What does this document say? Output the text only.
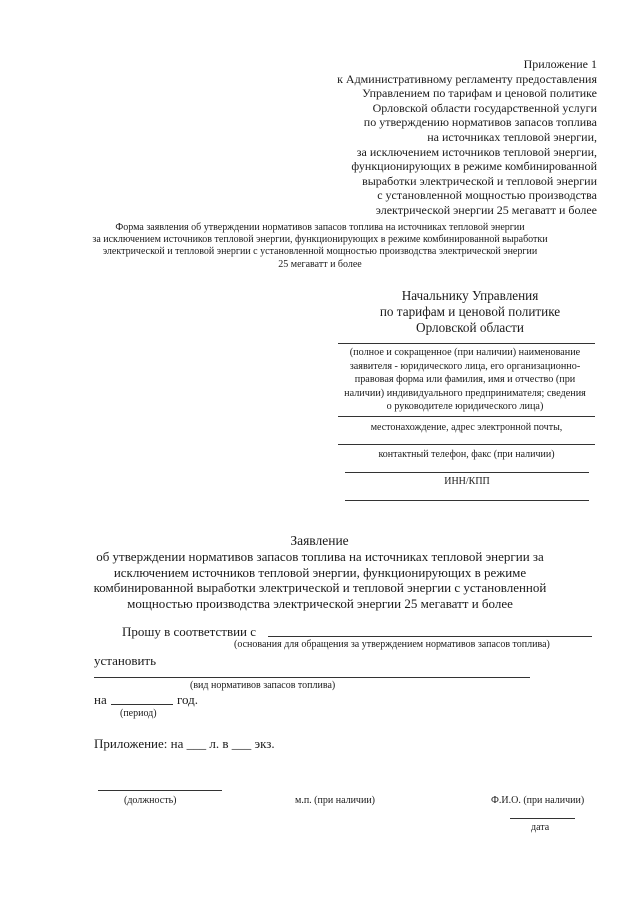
Приложение 1
к Административному регламенту предоставления
Управлением по тарифам и ценовой политике
Орловской области государственной услуги
по утверждению нормативов запасов топлива
на источниках тепловой энергии,
за исключением источников тепловой энергии,
функционирующих в режиме комбинированной
выработки электрической и тепловой энергии
с установленной мощностью производства
электрической энергии 25 мегаватт и более
Форма заявления об утверждении нормативов запасов топлива на источниках тепловой энергии
за исключением источников тепловой энергии, функционирующих в режиме комбинированной выработки
электрической и тепловой энергии с установленной мощностью производства электрической энергии
25 мегаватт и более
Начальнику Управления
по тарифам и ценовой политике
Орловской области
(полное и сокращенное (при наличии) наименование
заявителя - юридического лица, его организационно-
правовая форма или фамилия, имя и отчество (при
наличии) индивидуального предпринимателя; сведения
о руководителе юридического лица)
местонахождение, адрес электронной почты,
контактный телефон, факс (при наличии)
ИНН/КПП
Заявление
об утверждении нормативов запасов топлива на источниках тепловой энергии за
исключением источников тепловой энергии, функционирующих в режиме
комбинированной выработки электрической и тепловой энергии с установленной
мощностью производства электрической энергии 25 мегаватт и более
Прошу в соответствии с
(основания для обращения за утверждением нормативов запасов топлива)
установить
(вид нормативов запасов топлива)
на	год.
(период)
Приложение: на ___ л. в ___ экз.
(должность)	м.п. (при наличии)	Ф.И.О. (при наличии)
дата
